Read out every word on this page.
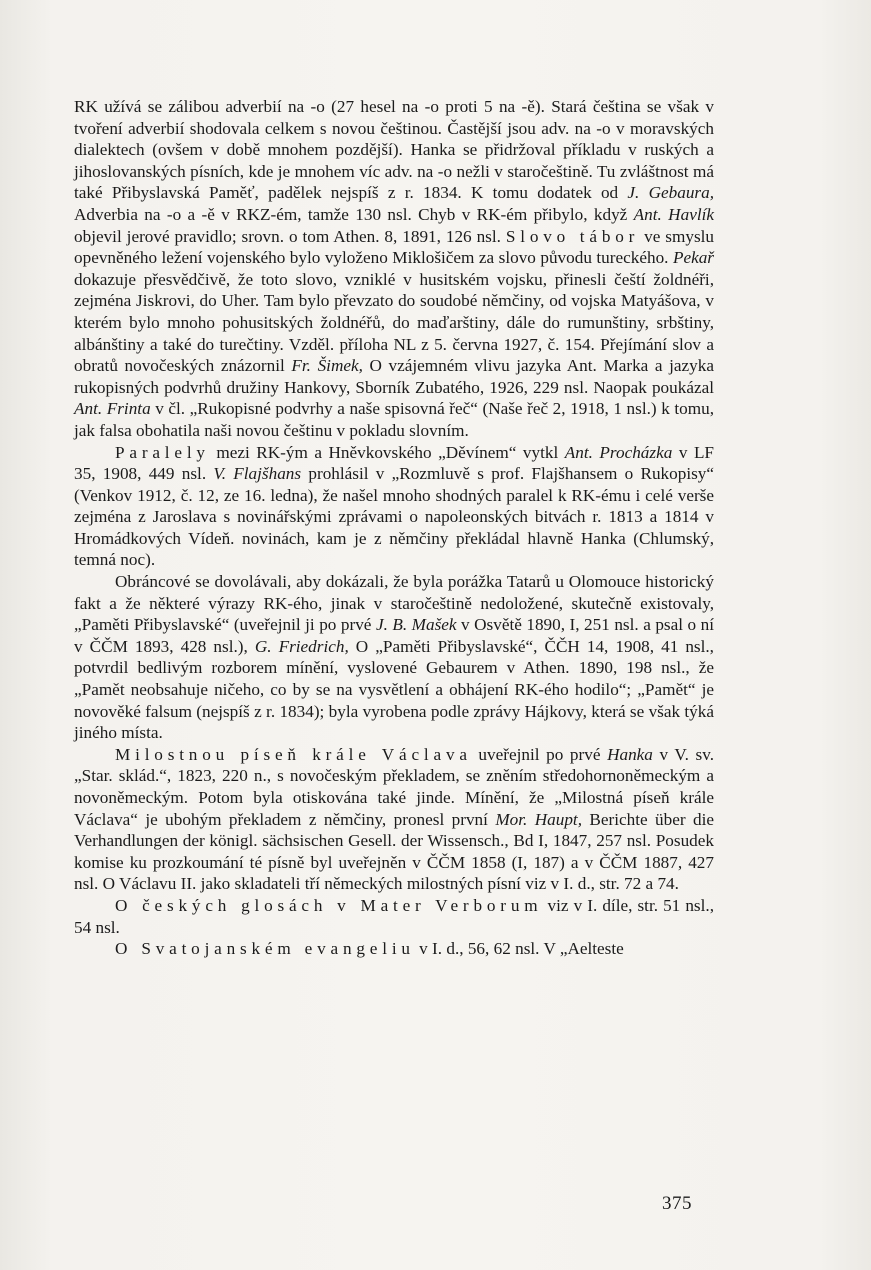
RK užívá se zálibou adverbií na -o (27 hesel na -o proti 5 na -ě). Stará čeština se však v tvoření adverbií shodovala celkem s novou češtinou. Častější jsou adv. na -o v moravských dialektech (ovšem v době mnohem pozdější). Hanka se přidržoval příkladu v ruských a jihoslovanských písních, kde je mnohem víc adv. na -o nežli v staročeštině. Tu zvláštnost má také Přibyslavská Paměť, padělek nejspíš z r. 1834. K tomu dodatek od J. Gebaura, Adverbia na -o a -ě v RKZ-ém, tamže 130 nsl. Chyb v RK-ém přibylo, když Ant. Havlík objevil jerové pravidlo; srovn. o tom Athen. 8, 1891, 126 nsl. Slovo tábor ve smyslu opevněného ležení vojenského bylo vyloženo Miklošičem za slovo původu tureckého. Pekař dokazuje přesvědčivě, že toto slovo, vzniklé v husitském vojsku, přinesli čeští žoldnéři, zejména Jiskrovi, do Uher. Tam bylo převzato do soudobé němčiny, od vojska Matyášova, v kterém bylo mnoho pohusitských žoldnéřů, do maďarštiny, dále do rumunštiny, srbštiny, albánštiny a také do turečtiny. Vzděl. příloha NL z 5. června 1927, č. 154. Přejímání slov a obratů novočeských znázornil Fr. Šimek, O vzájemném vlivu jazyka Ant. Marka a jazyka rukopisných podvrhů družiny Hankovy, Sborník Zubatého, 1926, 229 nsl. Naopak poukázal Ant. Frinta v čl. „Rukopisné podvrhy a naše spisovná řeč“ (Naše řeč 2, 1918, 1 nsl.) k tomu, jak falsa obohatila naši novou češtinu v pokladu slovním.

Paralely mezi RK-ým a Hněvkovského „Děvínem“ vytkl Ant. Procházka v LF 35, 1908, 449 nsl. V. Flajšhans prohlásil v „Rozmluvě s prof. Flajšhansem o Rukopisy“ (Venkov 1912, č. 12, ze 16. ledna), že našel mnoho shodných paralel k RK-ému i celé verše zejména z Jaroslava s novinářskými zprávami o napoleonských bitvách r. 1813 a 1814 v Hromádkových Vídeň. novinách, kam je z němčiny překládal hlavně Hanka (Chlumský, temná noc).

Obráncové se dovolávali, aby dokázali, že byla porážka Tatarů u Olomouce historický fakt a že některé výrazy RK-ého, jinak v staročeštině nedoložené, skutečně existovaly, „Paměti Přibyslavské“ (uveřejnil ji po prvé J. B. Mašek v Osvětě 1890, I, 251 nsl. a psal o ní v ČČM 1893, 428 nsl.), G. Friedrich, O „Paměti Přibyslavské“, ČČH 14, 1908, 41 nsl., potvrdil bedlivým rozborem mínění, vyslovené Gebaurem v Athen. 1890, 198 nsl., že „Pamět neobsahuje ničeho, co by se na vysvětlení a obhájení RK-ého hodilo“; „Pamět“ je novověké falsum (nejspíš z r. 1834); byla vyrobena podle zprávy Hájkovy, která se však týká jiného místa.

Milostnou píseň krále Václava uveřejnil po prvé Hanka v V. sv. „Star. sklád.“, 1823, 220 n., s novočeským překladem, se zněním středohornoněmeckým a novoněmeckým. Potom byla otiskována také jinde. Mínění, že „Milostná píseň krále Václava“ je ubohým překladem z němčiny, pronesl první Mor. Haupt, Berichte über die Verhandlungen der königl. sächsischen Gesell. der Wissensch., Bd I, 1847, 257 nsl. Posudek komise ku prozkoumání té písně byl uveřejněn v ČČM 1858 (I, 187) a v ČČM 1887, 427 nsl. O Václavu II. jako skladateli tří německých milostných písní viz v I. d., str. 72 a 74.

O českých glosách v Mater Verborum viz v I. díle, str. 51 nsl., 54 nsl.

O Svatojanském evangeliu v I. d., 56, 62 nsl. V „Aelteste

375
